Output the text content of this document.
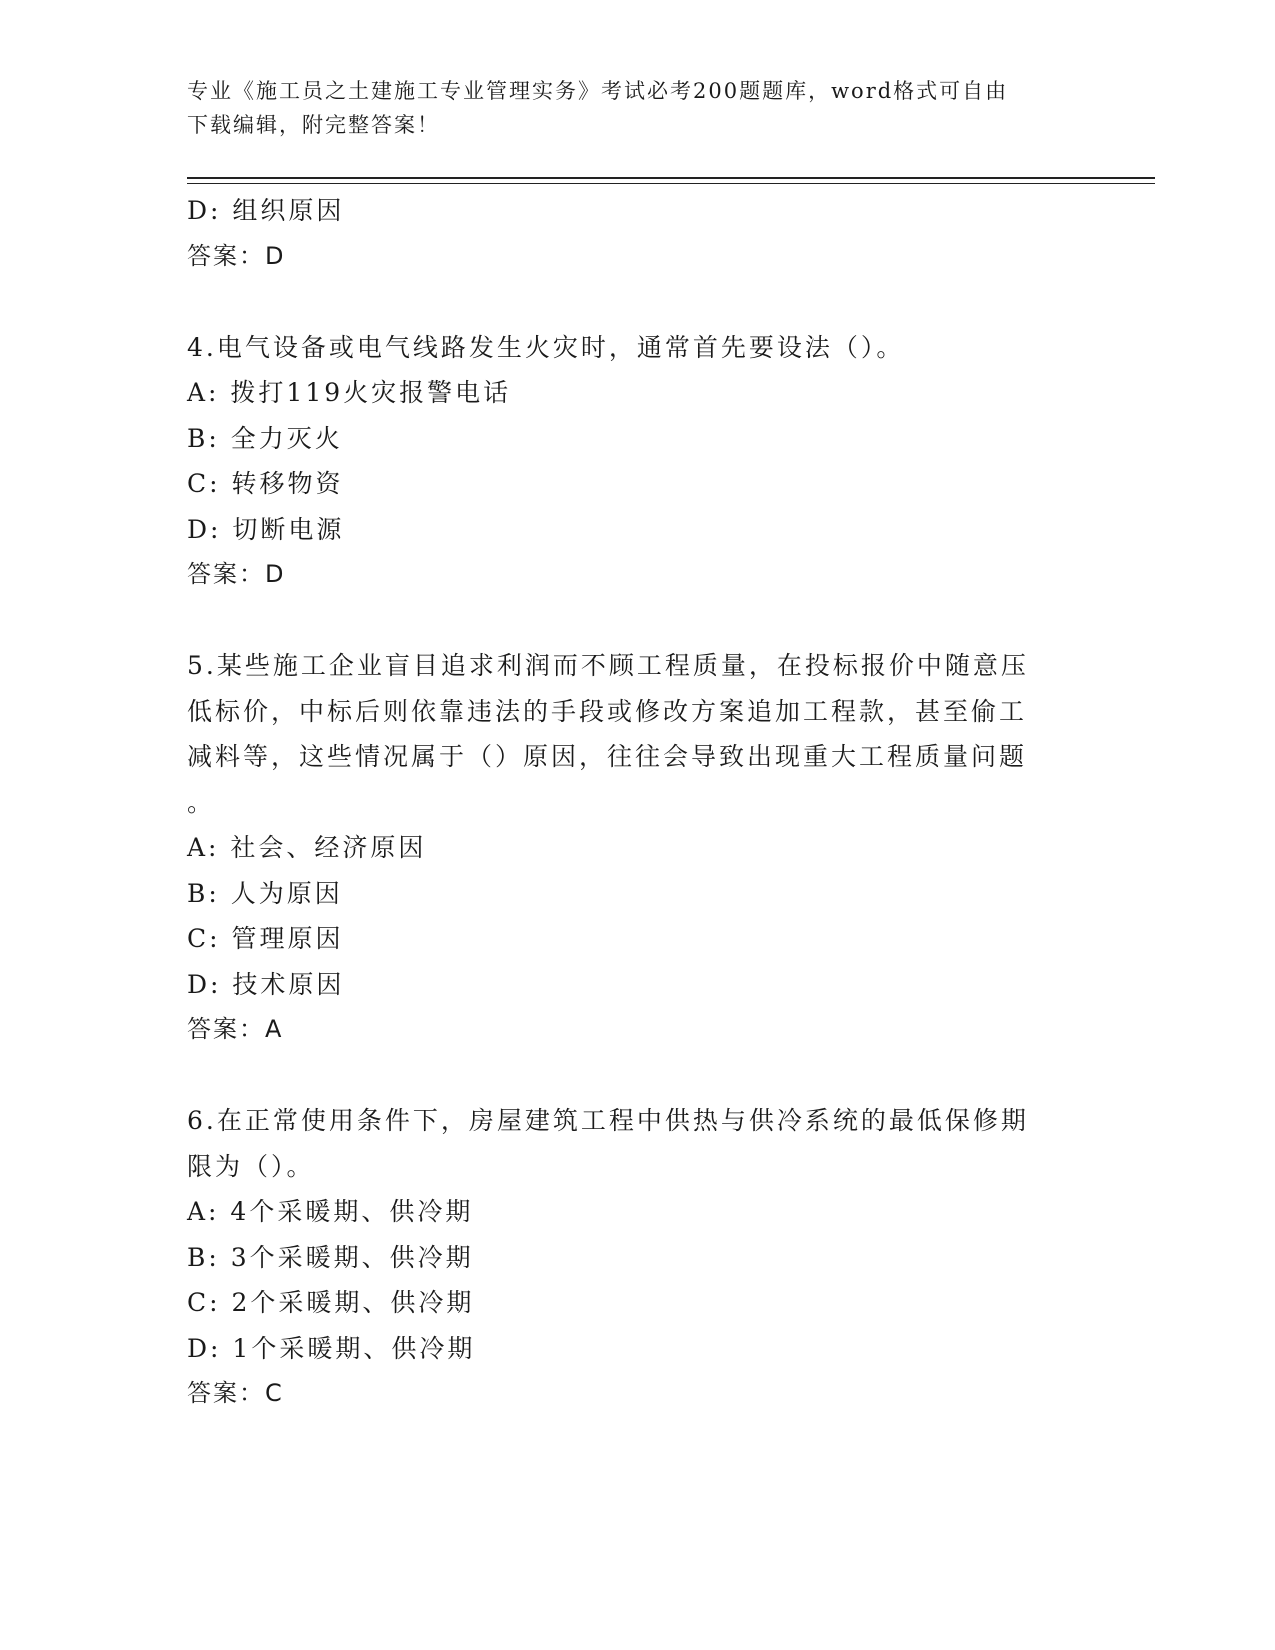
专业《施工员之土建施工专业管理实务》考试必考200题题库，word格式可自由
下载编辑，附完整答案！
D: 组织原因
答案：D
4.电气设备或电气线路发生火灾时，通常首先要设法（）。
A: 拨打119火灾报警电话
B: 全力灭火
C: 转移物资
D: 切断电源
答案：D
5.某些施工企业盲目追求利润而不顾工程质量，在投标报价中随意压
低标价，中标后则依靠违法的手段或修改方案追加工程款，甚至偷工
减料等，这些情况属于（）原因，往往会导致出现重大工程质量问题
。
A: 社会、经济原因
B: 人为原因
C: 管理原因
D: 技术原因
答案：A
6.在正常使用条件下，房屋建筑工程中供热与供冷系统的最低保修期
限为（）。
A: 4个采暖期、供冷期
B: 3个采暖期、供冷期
C: 2个采暖期、供冷期
D: 1个采暖期、供冷期
答案：C
